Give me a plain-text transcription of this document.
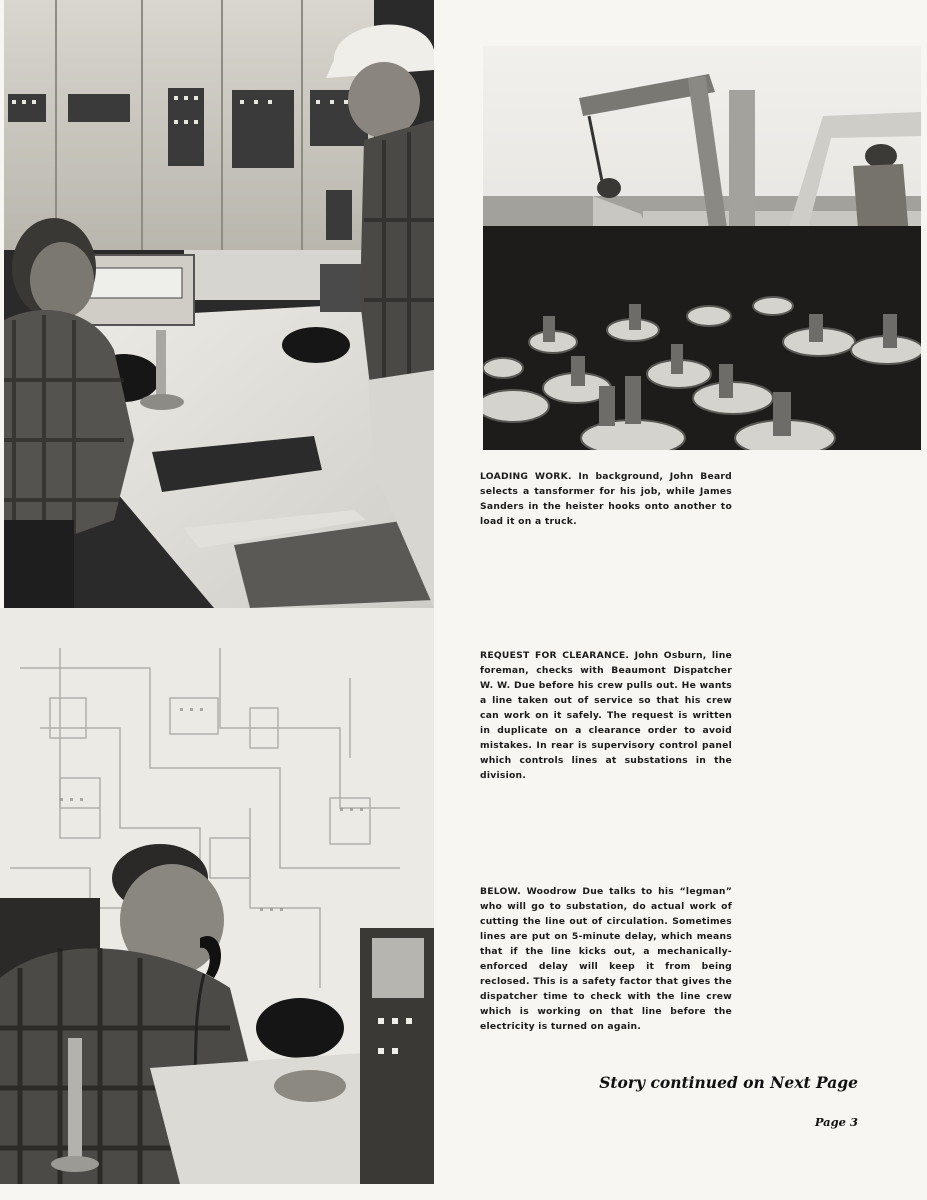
LOADING WORK. In background, John Beard selects a tansformer for his job, while James Sanders in the heister hooks onto another to load it on a truck.

REQUEST FOR CLEARANCE. John Osburn, line foreman, checks with Beaumont Dispatcher W. W. Due before his crew pulls out. He wants a line taken out of service so that his crew can work on it safely. The request is written in duplicate on a clearance order to avoid mistakes. In rear is supervisory control panel which controls lines at substations in the division.

BELOW. Woodrow Due talks to his “legman” who will go to substation, do actual work of cutting the line out of circulation. Sometimes lines are put on 5-minute delay, which means that if the line kicks out, a mechanically-enforced delay will keep it from being reclosed. This is a safety factor that gives the dispatcher time to check with the line crew which is working on that line before the electricity is turned on again.

Story continued on Next Page
Page 3
